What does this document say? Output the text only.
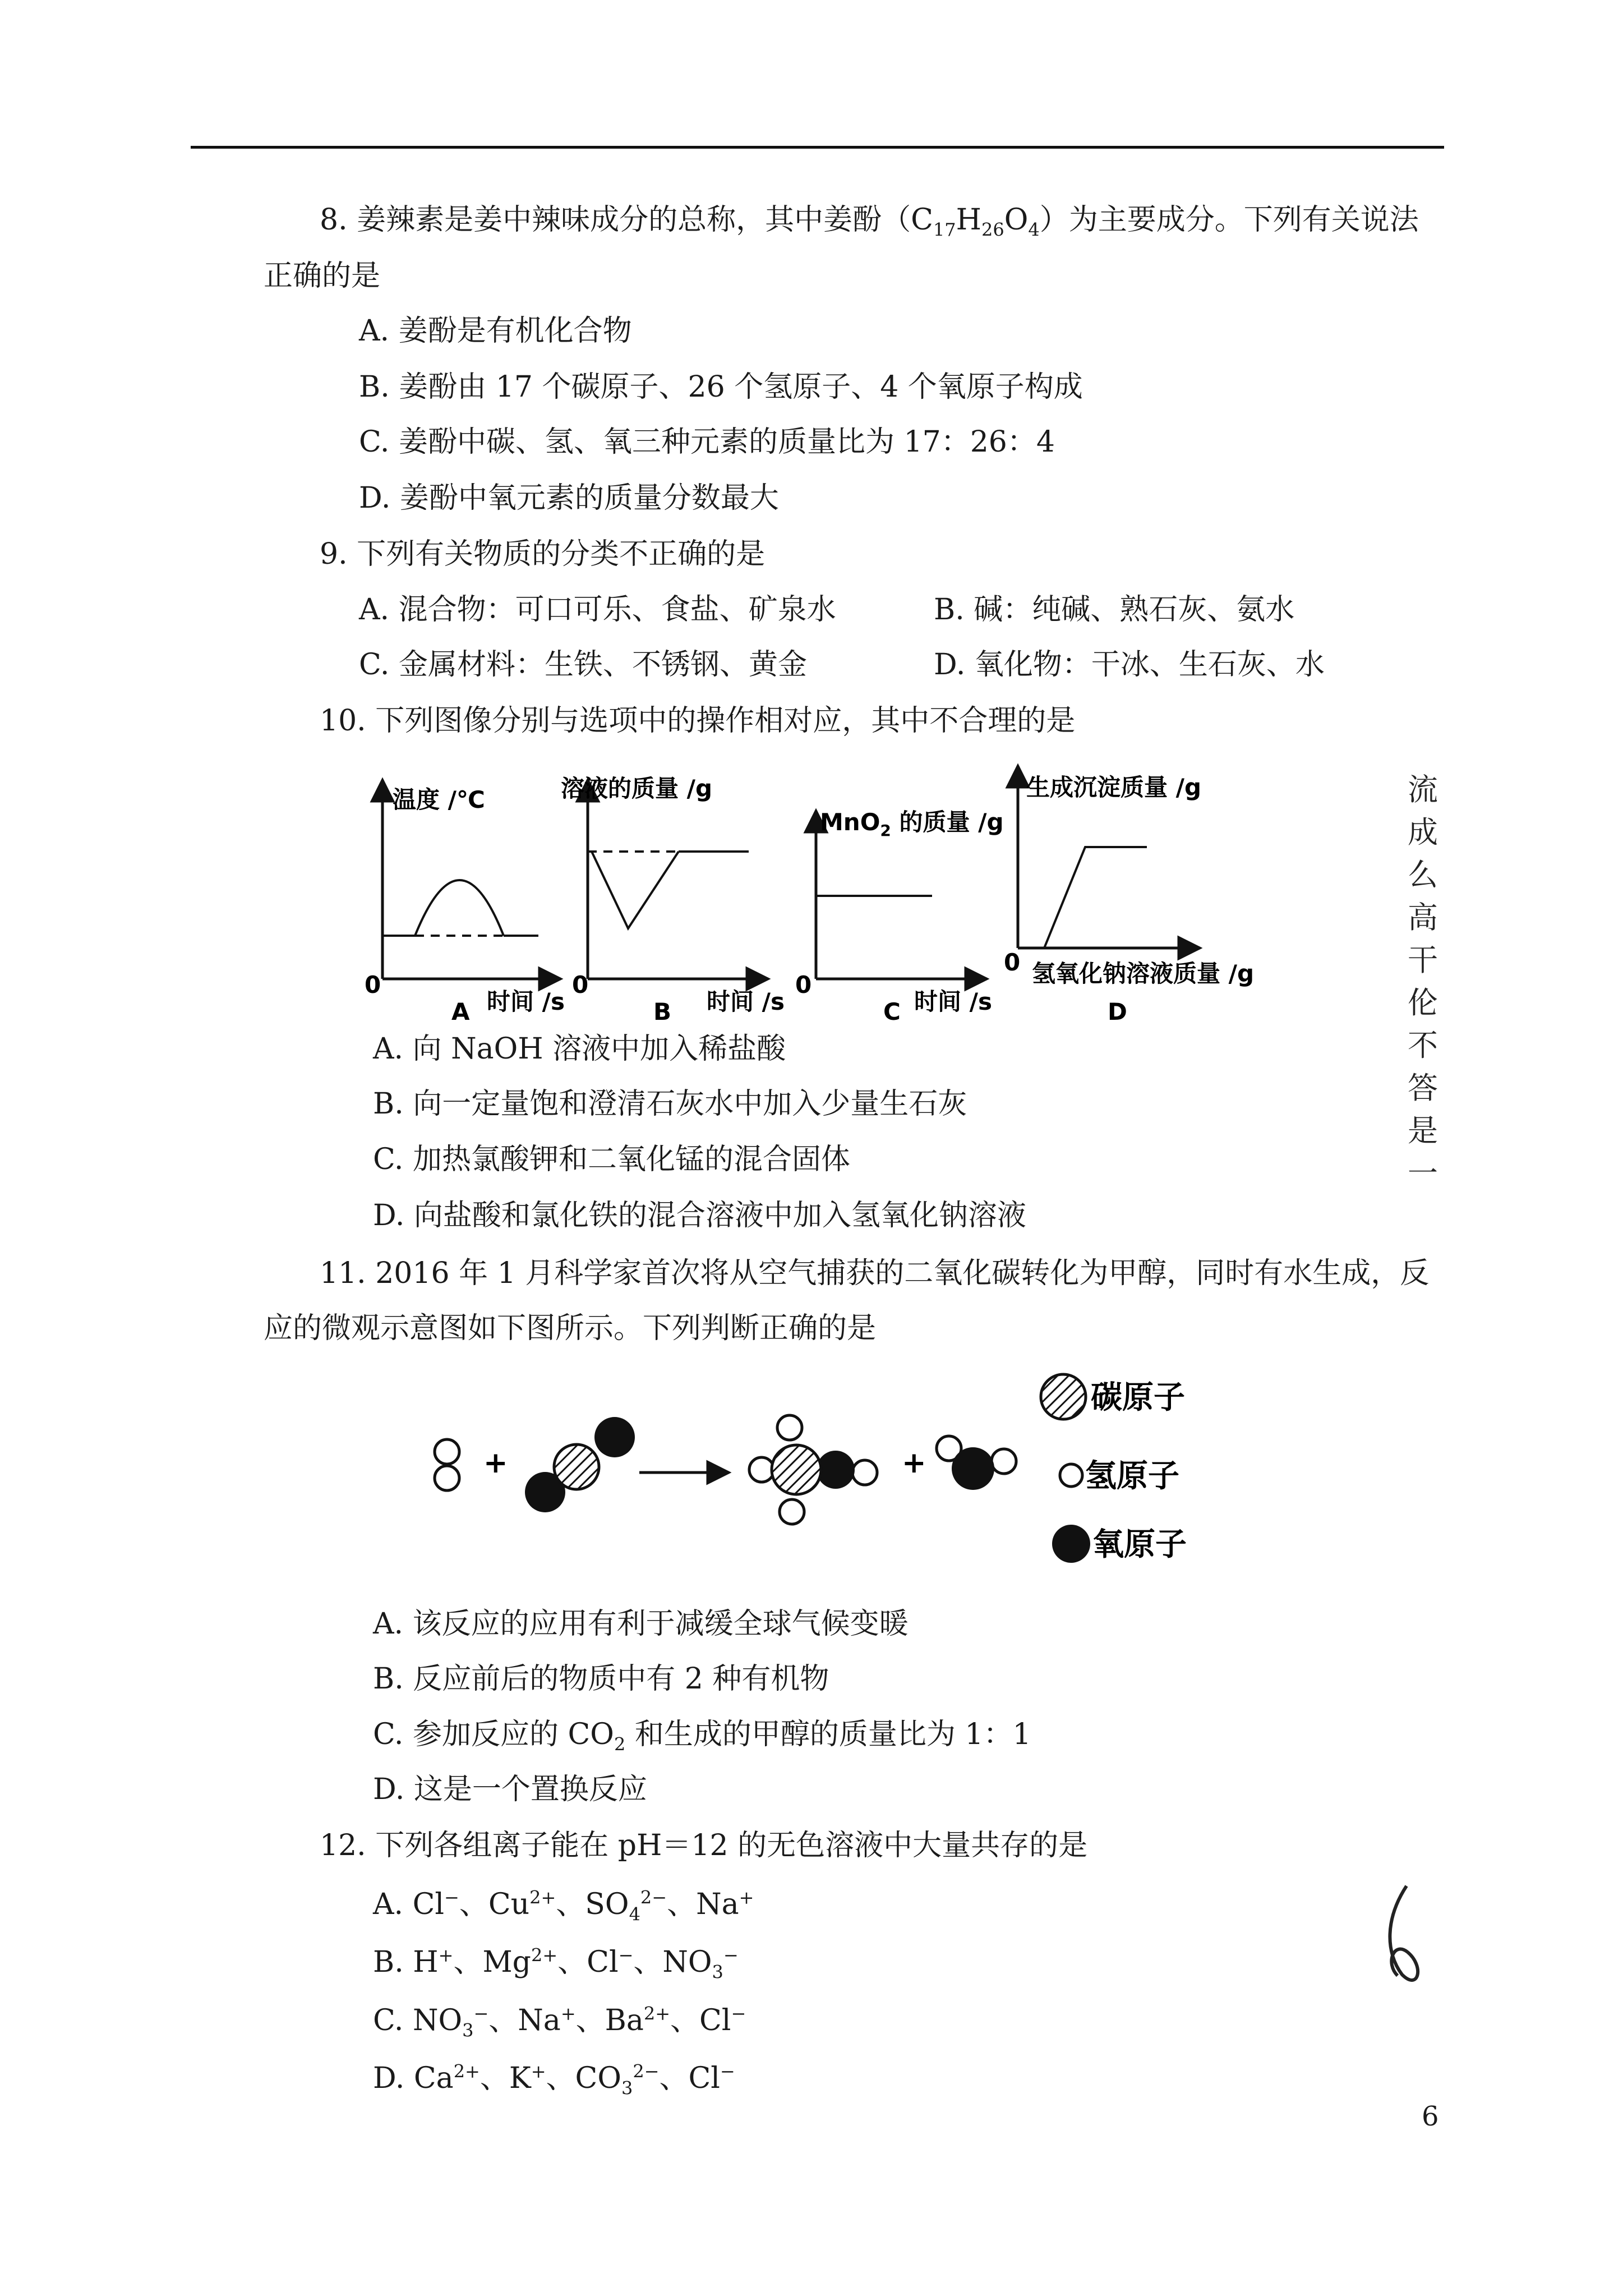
8. 姜辣素是姜中辣味成分的总称，其中姜酚$(C_{17}H_{26}O_4)$为主要成分。下列有关说法
正确的是
A. 姜酚是有机化合物
B. 姜酚由 17 个碳原子、26 个氢原子、4 个氧原子构成
C. 姜酚中碳、氢、氧三种元素的质量比为 17：26：4
D. 姜酚中氧元素的质量分数最大
9. 下列有关物质的分类不正确的是
A. 混合物：可口可乐、食盐、矿泉水	B. 碱：纯碱、熟石灰、氨水
C. 金属材料：生铁、不锈钢、黄金	D. 氧化物：干冰、生石灰、水
10. 下列图像分别与选项中的操作相对应，其中不合理的是
温度 /℃
0
A 时间 /s
溶液的质量 /g
0
B 时间 /s
MnO$_2$ 的质量 /g
0
C 时间 /s
生成沉淀质量 /g
0 氢氧化钠溶液质量 /g
D
+	+
碳原子
氢原子
氧原子
A. 向 NaOH 溶液中加入稀盐酸
B. 向一定量饱和澄清石灰水中加入少量生石灰
C. 加热氯酸钾和二氧化锰的混合固体
D. 向盐酸和氯化铁的混合溶液中加入氢氧化钠溶液
11. 2016 年 1 月科学家首次将从空气捕获的二氧化碳转化为甲醇，同时有水生成，反
应的微观示意图如下图所示。下列判断正确的是
A. 该反应的应用有利于减缓全球气候变暖
B. 反应前后的物质中有 2 种有机物
C. 参加反应的 $CO_2$ 和生成的甲醇的质量比为 1：1
D. 这是一个置换反应
12. 下列各组离子能在 pH＝12 的无色溶液中大量共存的是
A. Cl−、$Cu^{2+}$、$SO_4^{2-}$、Na+
B. H+、$Mg^{2+}$、Cl−、$NO_3^-$
C. $NO_3^-$、Na+、$Ba^{2+}$、Cl−
D. $Ca^{2+}$、K+、$CO_3^{2-}$、Cl−
流成么高干伦不答是一
6
